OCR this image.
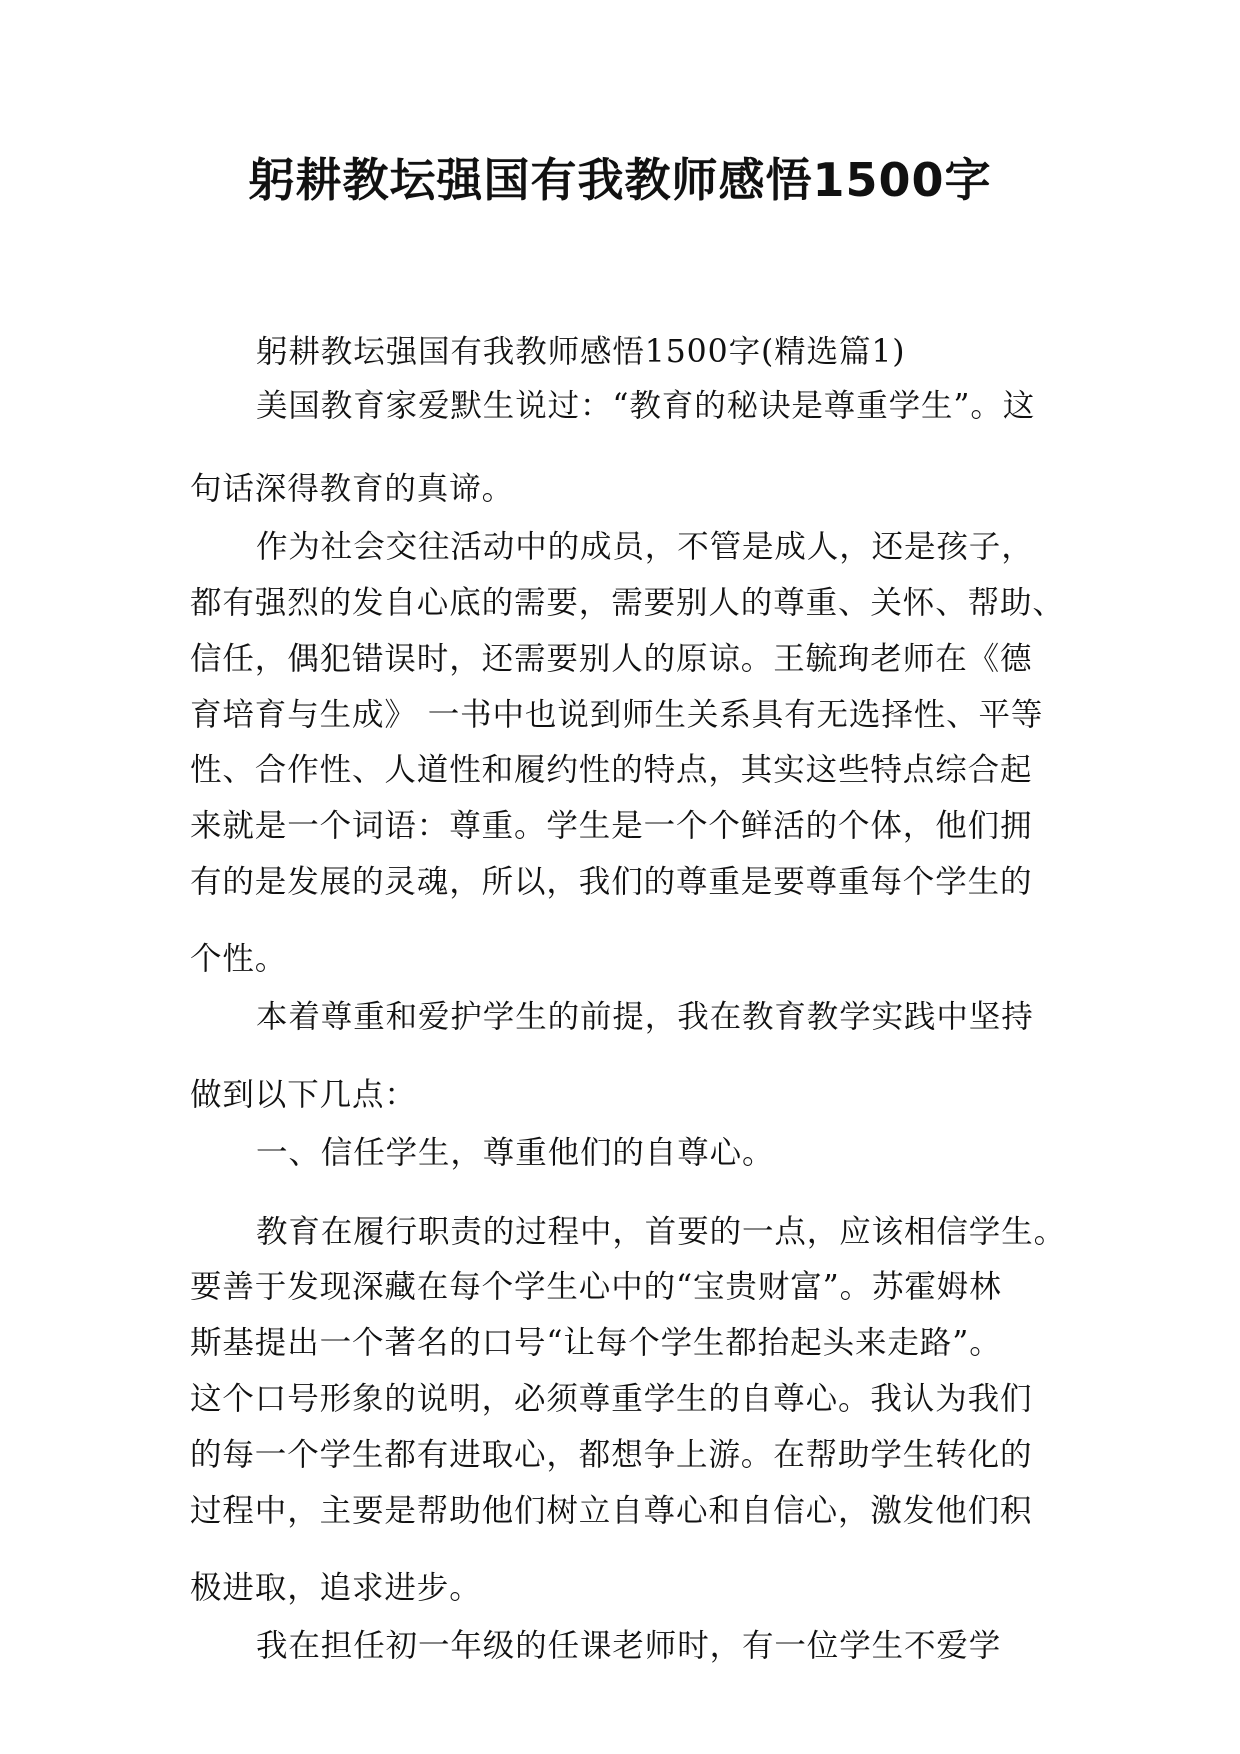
躬耕教坛强国有我教师感悟1500字

躬耕教坛强国有我教师感悟1500字(精选篇1)

美国教育家爱默生说过：“教育的秘诀是尊重学生”。这

句话深得教育的真谛。

作为社会交往活动中的成员，不管是成人，还是孩子，

都有强烈的发自心底的需要，需要别人的尊重、关怀、帮助、

信任，偶犯错误时，还需要别人的原谅。王毓珣老师在《德

育培育与生成》 一书中也说到师生关系具有无选择性、平等

性、合作性、人道性和履约性的特点，其实这些特点综合起

来就是一个词语：尊重。学生是一个个鲜活的个体，他们拥

有的是发展的灵魂，所以，我们的尊重是要尊重每个学生的

个性。

本着尊重和爱护学生的前提，我在教育教学实践中坚持

做到以下几点：

一、信任学生，尊重他们的自尊心。

教育在履行职责的过程中，首要的一点，应该相信学生。

要善于发现深藏在每个学生心中的“宝贵财富”。苏霍姆林

斯基提出一个著名的口号“让每个学生都抬起头来走路”。

这个口号形象的说明，必须尊重学生的自尊心。我认为我们

的每一个学生都有进取心，都想争上游。在帮助学生转化的

过程中，主要是帮助他们树立自尊心和自信心，激发他们积

极进取，追求进步。

我在担任初一年级的任课老师时，有一位学生不爱学
